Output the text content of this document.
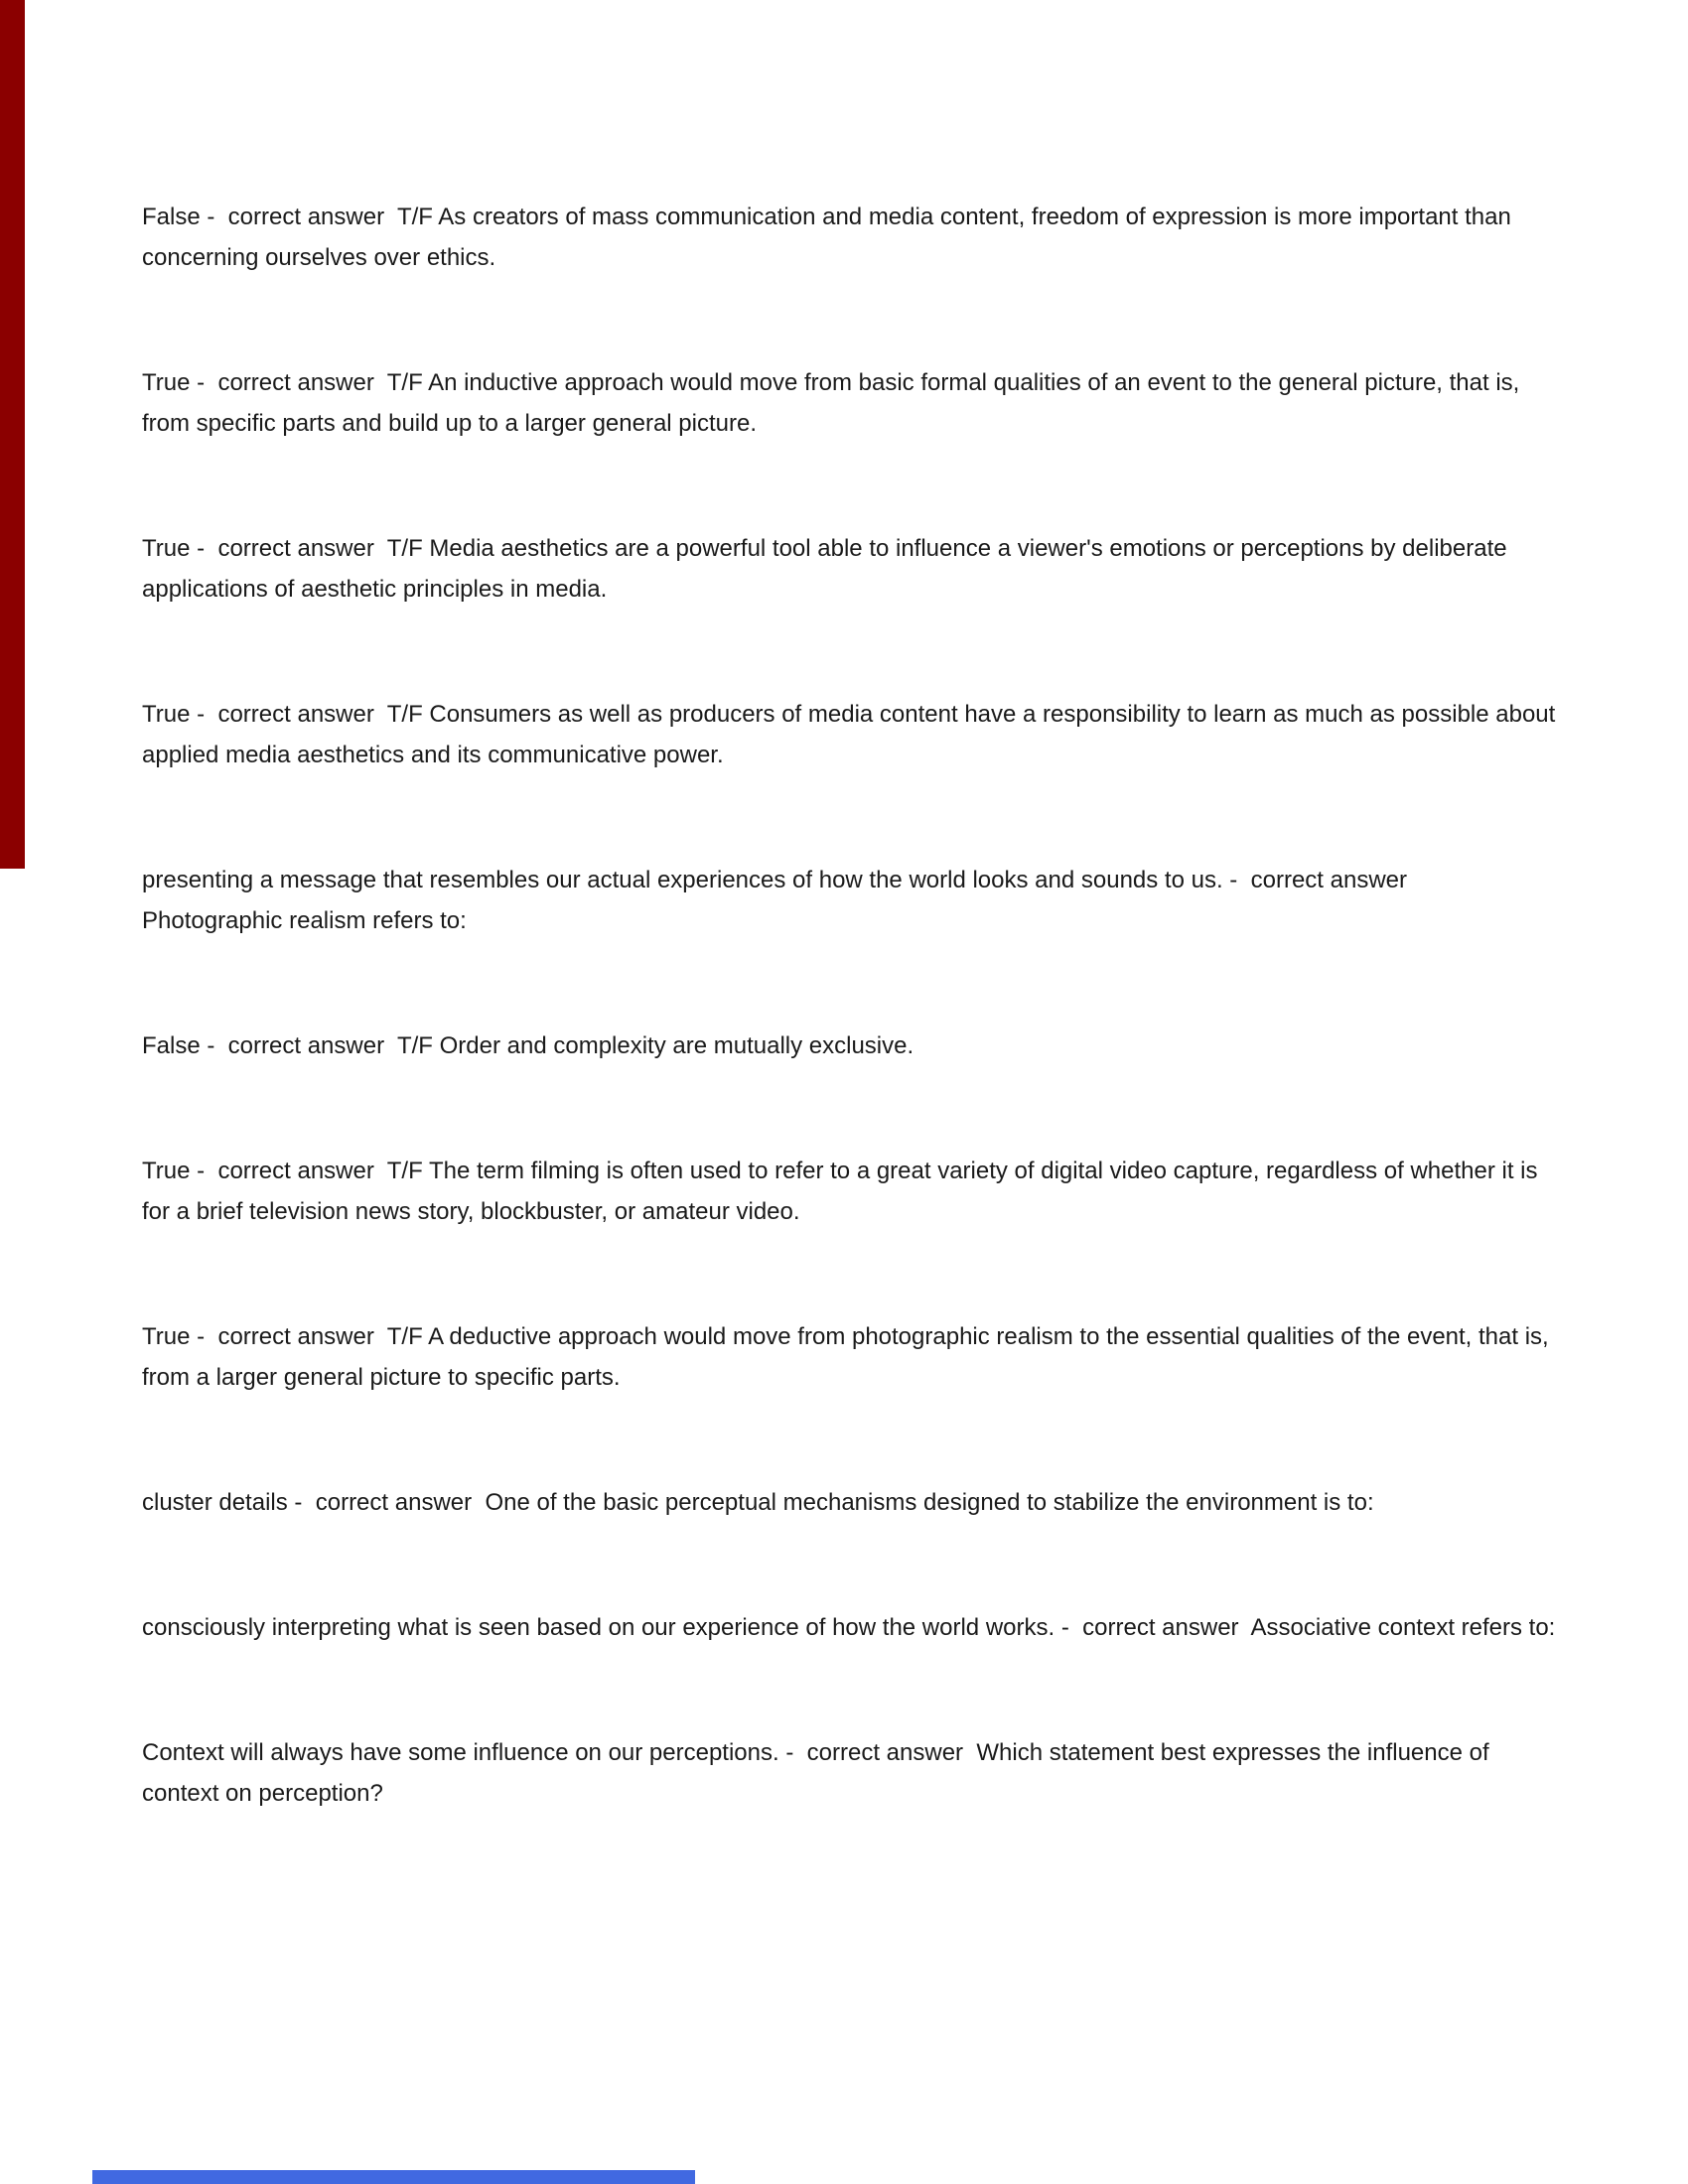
False -  correct answer  T/F As creators of mass communication and media content, freedom of expression is more important than concerning ourselves over ethics.

True -  correct answer  T/F An inductive approach would move from basic formal qualities of an event to the general picture, that is, from specific parts and build up to a larger general picture.

True -  correct answer  T/F Media aesthetics are a powerful tool able to influence a viewer's emotions or perceptions by deliberate applications of aesthetic principles in media.

True -  correct answer  T/F Consumers as well as producers of media content have a responsibility to learn as much as possible about applied media aesthetics and its communicative power.

presenting a message that resembles our actual experiences of how the world looks and sounds to us. -  correct answer  Photographic realism refers to:

False -  correct answer  T/F Order and complexity are mutually exclusive.

True -  correct answer  T/F The term filming is often used to refer to a great variety of digital video capture, regardless of whether it is for a brief television news story, blockbuster, or amateur video.

True -  correct answer  T/F A deductive approach would move from photographic realism to the essential qualities of the event, that is, from a larger general picture to specific parts.

cluster details -  correct answer  One of the basic perceptual mechanisms designed to stabilize the environment is to:

consciously interpreting what is seen based on our experience of how the world works. -  correct answer  Associative context refers to:

Context will always have some influence on our perceptions. -  correct answer  Which statement best expresses the influence of context on perception?
